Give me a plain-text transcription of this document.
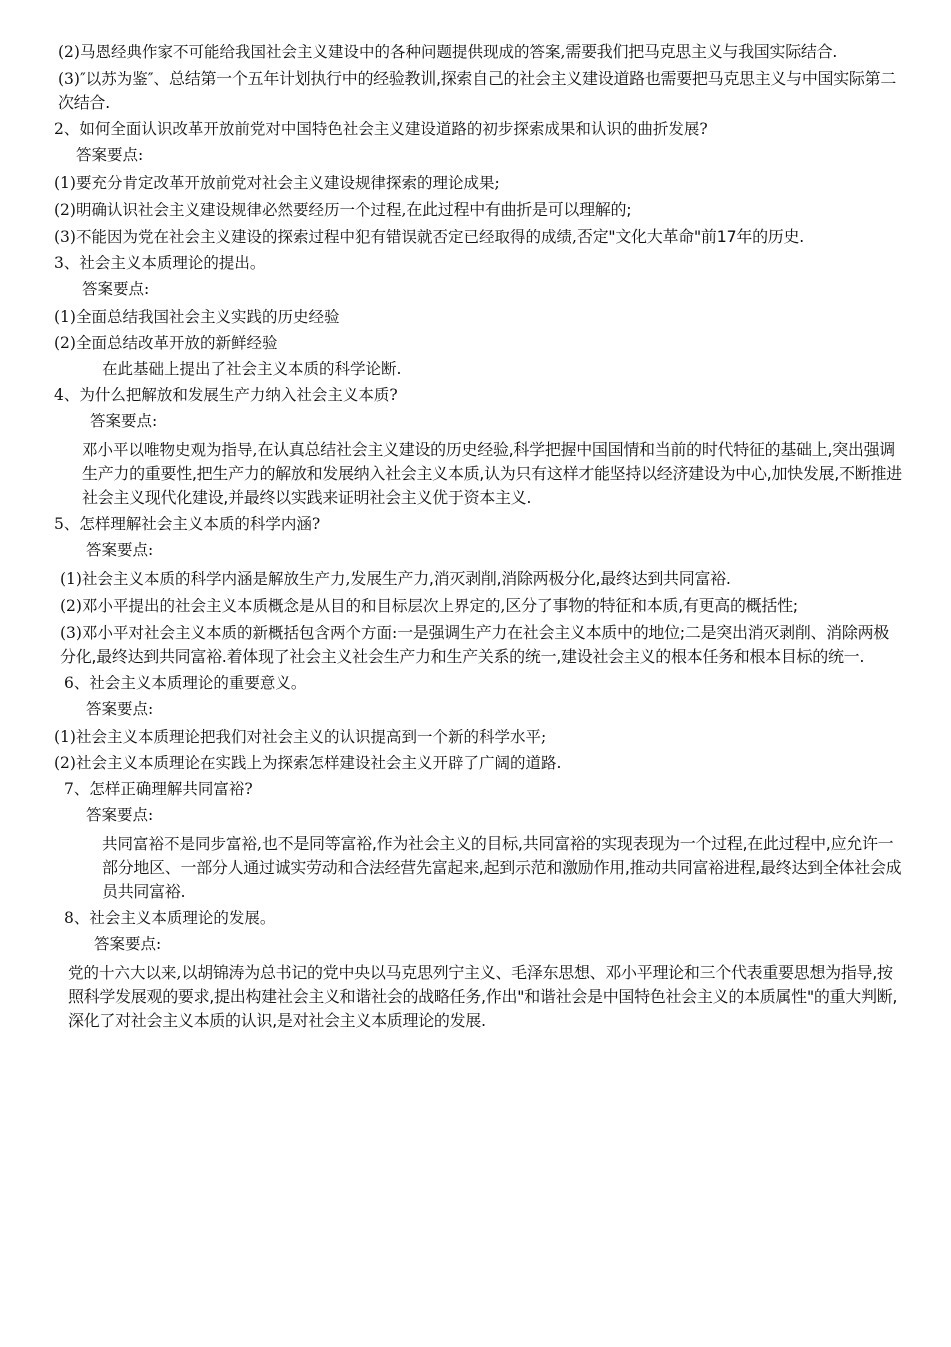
(2)马恩经典作家不可能给我国社会主义建设中的各种问题提供现成的答案,需要我们把马克思主义与我国实际结合.
(3)″以苏为鉴″、总结第一个五年计划执行中的经验教训,探索自己的社会主义建设道路也需要把马克思主义与中国实际第二次结合.
2、如何全面认识改革开放前党对中国特色社会主义建设道路的初步探索成果和认识的曲折发展?
答案要点:
(1)要充分肯定改革开放前党对社会主义建设规律探索的理论成果;
(2)明确认识社会主义建设规律必然要经历一个过程,在此过程中有曲折是可以理解的;
(3)不能因为党在社会主义建设的探索过程中犯有错误就否定已经取得的成绩,否定"文化大革命"前17年的历史.
3、社会主义本质理论的提出。
答案要点:
(1)全面总结我国社会主义实践的历史经验
(2)全面总结改革开放的新鲜经验
在此基础上提出了社会主义本质的科学论断.
4、为什么把解放和发展生产力纳入社会主义本质?
答案要点:
邓小平以唯物史观为指导,在认真总结社会主义建设的历史经验,科学把握中国国情和当前的时代特征的基础上,突出强调生产力的重要性,把生产力的解放和发展纳入社会主义本质,认为只有这样才能坚持以经济建设为中心,加快发展,不断推进社会主义现代化建设,并最终以实践来证明社会主义优于资本主义.
5、怎样理解社会主义本质的科学内涵?
答案要点:
(1)社会主义本质的科学内涵是解放生产力,发展生产力,消灭剥削,消除两极分化,最终达到共同富裕.
(2)邓小平提出的社会主义本质概念是从目的和目标层次上界定的,区分了事物的特征和本质,有更高的概括性;
(3)邓小平对社会主义本质的新概括包含两个方面:一是强调生产力在社会主义本质中的地位;二是突出消灭剥削、消除两极分化,最终达到共同富裕.着体现了社会主义社会生产力和生产关系的统一,建设社会主义的根本任务和根本目标的统一.
6、社会主义本质理论的重要意义。
答案要点:
(1)社会主义本质理论把我们对社会主义的认识提高到一个新的科学水平;
(2)社会主义本质理论在实践上为探索怎样建设社会主义开辟了广阔的道路.
7、怎样正确理解共同富裕?
答案要点:
共同富裕不是同步富裕,也不是同等富裕,作为社会主义的目标,共同富裕的实现表现为一个过程,在此过程中,应允许一部分地区、一部分人通过诚实劳动和合法经营先富起来,起到示范和激励作用,推动共同富裕进程,最终达到全体社会成员共同富裕.
8、社会主义本质理论的发展。
答案要点:
党的十六大以来,以胡锦涛为总书记的党中央以马克思列宁主义、毛泽东思想、邓小平理论和三个代表重要思想为指导,按照科学发展观的要求,提出构建社会主义和谐社会的战略任务,作出"和谐社会是中国特色社会主义的本质属性"的重大判断,深化了对社会主义本质的认识,是对社会主义本质理论的发展.
